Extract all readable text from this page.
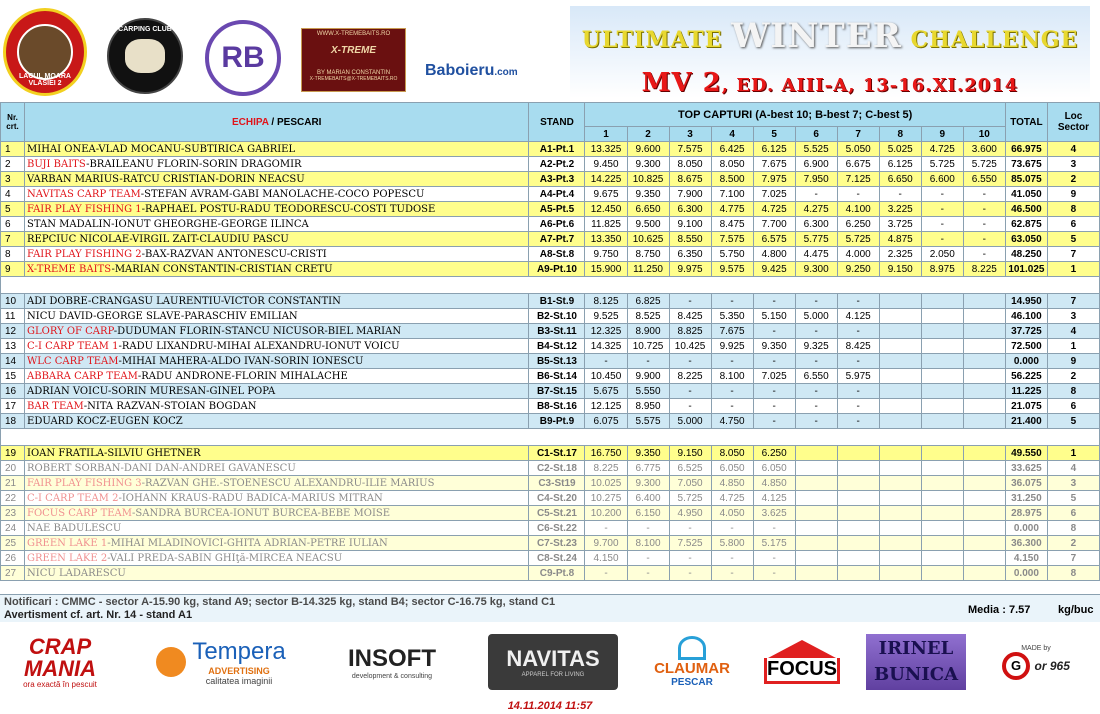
LACUL MOARA VLASIEI 2
CARPING CLUB
RB
WWW.X-TREMEBAITS.RO
X-TREME
BY MARIAN CONSTANTIN
X-TREMEBAITS@X-TREMEBAITS.RO	Baboieru.com
ULTIMATE WINTER CHALLENGE
MV 2, ED. AIII-A, 13-16.XI.2014
Nr. crt.	ECHIPA / PESCARI	STAND	TOP CAPTURI (A-best 10; B-best 7; C-best 5)										TOTAL	Loc Sector
			1	2	3	4	5	6	7	8	9	10		
1	MIHAI ONEA-VLAD MOCANU-SUBTIRICA GABRIEL	A1-Pt.1	13.325	9.600	7.575	6.425	6.125	5.525	5.050	5.025	4.725	3.600	66.975	4
2	BUJI BAITS-BRAILEANU FLORIN-SORIN DRAGOMIR	A2-Pt.2	9.450	9.300	8.050	8.050	7.675	6.900	6.675	6.125	5.725	5.725	73.675	3
3	VARBAN MARIUS-RATCU CRISTIAN-DORIN NEACSU	A3-Pt.3	14.225	10.825	8.675	8.500	7.975	7.950	7.125	6.650	6.600	6.550	85.075	2
4	NAVITAS CARP TEAM-STEFAN AVRAM-GABI MANOLACHE-COCO POPESCU	A4-Pt.4	9.675	9.350	7.900	7.100	7.025	-	-	-	-	-	41.050	9
5	FAIR PLAY FISHING 1-RAPHAEL POSTU-RADU TEODORESCU-COSTI TUDOSE	A5-Pt.5	12.450	6.650	6.300	4.775	4.725	4.275	4.100	3.225	-	-	46.500	8
6	STAN MADALIN-IONUT GHEORGHE-GEORGE ILINCA	A6-Pt.6	11.825	9.500	9.100	8.475	7.700	6.300	6.250	3.725	-	-	62.875	6
7	REPCIUC NICOLAE-VIRGIL ZAIT-CLAUDIU PASCU	A7-Pt.7	13.350	10.625	8.550	7.575	6.575	5.775	5.725	4.875	-	-	63.050	5
8	FAIR PLAY FISHING 2-BAX-RAZVAN ANTONESCU-CRISTI	A8-St.8	9.750	8.750	6.350	5.750	4.800	4.475	4.000	2.325	2.050	-	48.250	7
9	X-TREME BAITS-MARIAN CONSTANTIN-CRISTIAN CRETU	A9-Pt.10	15.900	11.250	9.975	9.575	9.425	9.300	9.250	9.150	8.975	8.225	101.025	1

10	ADI DOBRE-CRANGASU LAURENTIU-VICTOR CONSTANTIN	B1-St.9	8.125	6.825	-	-	-	-	-				14.950	7
11	NICU DAVID-GEORGE SLAVE-PARASCHIV EMILIAN	B2-St.10	9.525	8.525	8.425	5.350	5.150	5.000	4.125				46.100	3
12	GLORY OF CARP-DUDUMAN FLORIN-STANCU NICUSOR-BIEL MARIAN	B3-St.11	12.325	8.900	8.825	7.675	-	-	-				37.725	4
13	C-I CARP TEAM 1-RADU LIXANDRU-MIHAI ALEXANDRU-IONUT VOICU	B4-St.12	14.325	10.725	10.425	9.925	9.350	9.325	8.425				72.500	1
14	WLC CARP TEAM-MIHAI MAHERA-ALDO IVAN-SORIN IONESCU	B5-St.13	-	-	-	-	-	-	-				0.000	9
15	ABBARA CARP TEAM-RADU ANDRONE-FLORIN MIHALACHE	B6-St.14	10.450	9.900	8.225	8.100	7.025	6.550	5.975				56.225	2
16	ADRIAN VOICU-SORIN MURESAN-GINEL POPA	B7-St.15	5.675	5.550	-	-	-	-	-				11.225	8
17	BAR TEAM-NITA RAZVAN-STOIAN BOGDAN	B8-St.16	12.125	8.950	-	-	-	-	-				21.075	6
18	EDUARD KOCZ-EUGEN KOCZ	B9-Pt.9	6.075	5.575	5.000	4.750	-	-	-				21.400	5

19	IOAN FRATILA-SILVIU GHETNER	C1-St.17	16.750	9.350	9.150	8.050	6.250						49.550	1
20	ROBERT SORBAN-DANI DAN-ANDREI GAVANESCU	C2-St.18	8.225	6.775	6.525	6.050	6.050						33.625	4
21	FAIR PLAY FISHING 3-RAZVAN GHE.-STOENESCU ALEXANDRU-ILIE MARIUS	C3-St19	10.025	9.300	7.050	4.850	4.850						36.075	3
22	C-I CARP TEAM 2-IOHANN KRAUS-RADU BADICA-MARIUS MITRAN	C4-St.20	10.275	6.400	5.725	4.725	4.125						31.250	5
23	FOCUS CARP TEAM-SANDRA BURCEA-IONUT BURCEA-BEBE MOISE	C5-St.21	10.200	6.150	4.950	4.050	3.625						28.975	6
24	NAE BADULESCU	C6-St.22	-	-	-	-	-						0.000	8
25	GREEN LAKE 1-MIHAI MLADINOVICI-GHITA ADRIAN-PETRE IULIAN	C7-St.23	9.700	8.100	7.525	5.800	5.175						36.300	2
26	GREEN LAKE 2-VALI PREDA-SABIN GHIţă-MIRCEA NEACSU	C8-St.24	4.150	-	-	-	-						4.150	7
27	NICU LADARESCU	C9-Pt.8	-	-	-	-	-						0.000	8
Notificari : CMMC - sector A-15.90 kg, stand A9; sector B-14.325 kg, stand B4; sector C-16.75 kg, stand C1
Avertisment cf. art. Nr. 14 - stand A1	Media : 7.57	kg/buc
CRAP MANIA
ora exactă în pescuit
Tempera
ADVERTISING
calitatea imaginii
INSOFT
development & consulting
NAVITAS
APPAREL FOR LIVING	CLAUMAR
PESCAR
FOCUS
IRINEL
BUNICA
MADE by
G or 965
14.11.2014 11:57
